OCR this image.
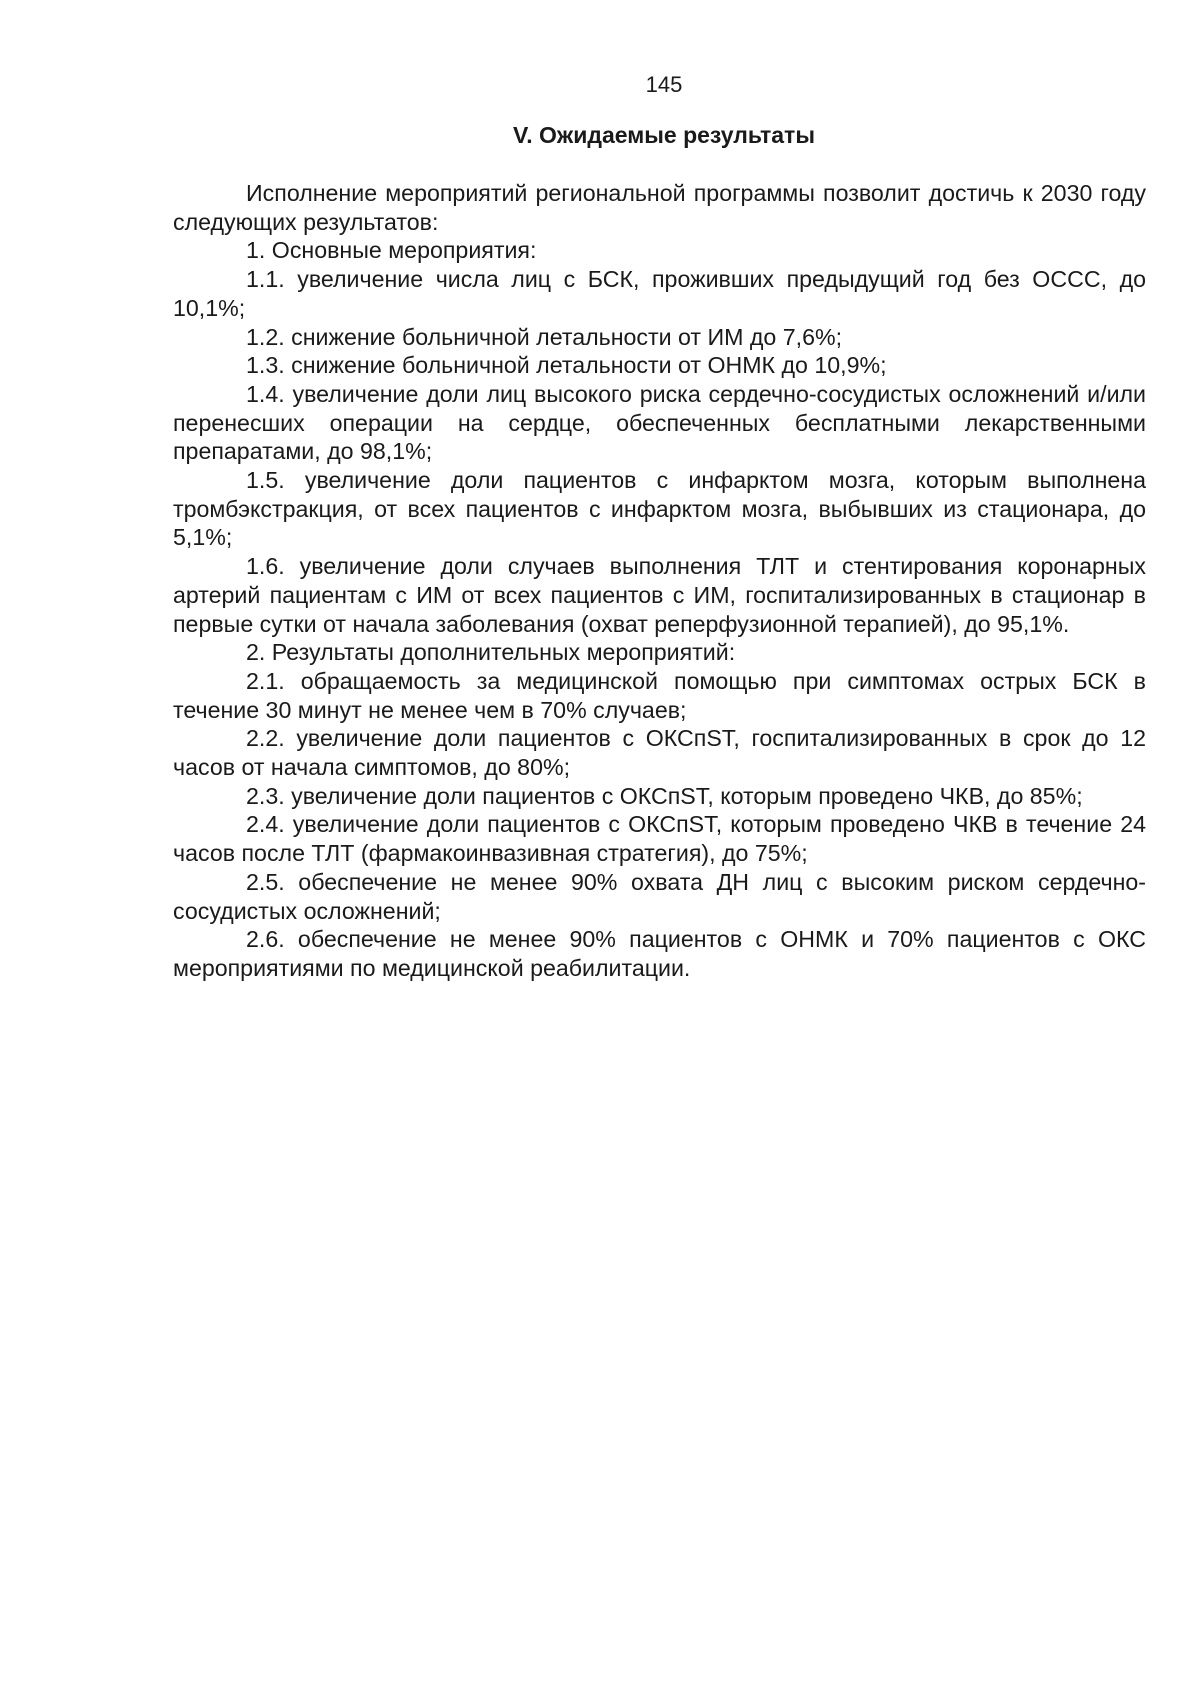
145
V. Ожидаемые результаты

Исполнение мероприятий региональной программы позволит достичь к 2030 году следующих результатов:

1. Основные мероприятия:

1.1. увеличение числа лиц с БСК, проживших предыдущий год без ОССС, до 10,1%;

1.2. снижение больничной летальности от ИМ до 7,6%;

1.3. снижение больничной летальности от ОНМК до 10,9%;

1.4. увеличение доли лиц высокого риска сердечно-сосудистых осложнений и/или перенесших операции на сердце, обеспеченных бесплатными лекарственными препаратами, до 98,1%;

1.5. увеличение доли пациентов с инфарктом мозга, которым выполнена тромбэкстракция, от всех пациентов с инфарктом мозга, выбывших из стационара, до 5,1%;

1.6. увеличение доли случаев выполнения ТЛТ и стентирования коронарных артерий пациентам с ИМ от всех пациентов с ИМ, госпитализированных в стационар в первые сутки от начала заболевания (охват реперфузионной терапией), до 95,1%.

2. Результаты дополнительных мероприятий:

2.1. обращаемость за медицинской помощью при симптомах острых БСК в течение 30 минут не менее чем в 70% случаев;

2.2. увеличение доли пациентов с ОКСпST, госпитализированных в срок до 12 часов от начала симптомов, до 80%;

2.3. увеличение доли пациентов с ОКСпST, которым проведено ЧКВ, до 85%;

2.4. увеличение доли пациентов с ОКСпST, которым проведено ЧКВ в течение 24 часов после ТЛТ (фармакоинвазивная стратегия), до 75%;

2.5. обеспечение не менее 90% охвата ДН лиц с высоким риском сердечно-сосудистых осложнений;

2.6. обеспечение не менее 90% пациентов с ОНМК и 70% пациентов с ОКС мероприятиями по медицинской реабилитации.
